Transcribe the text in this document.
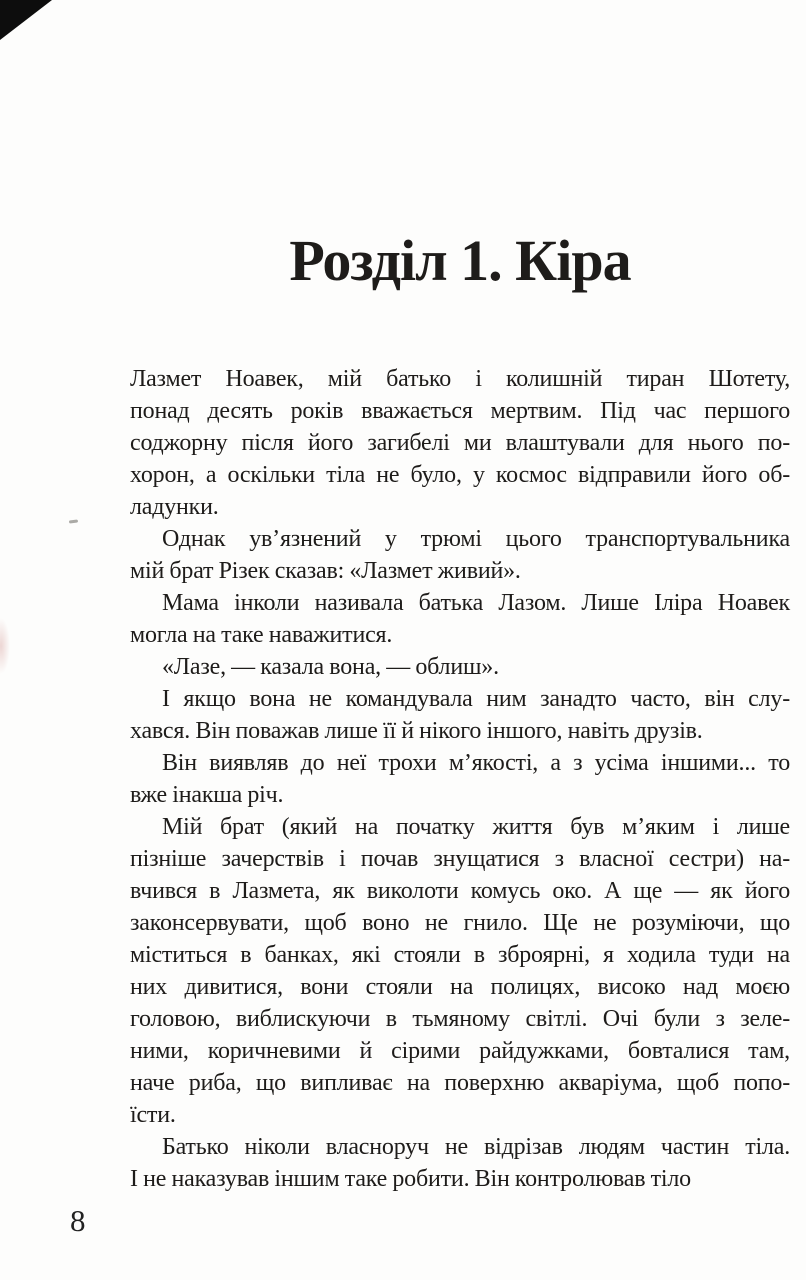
Розділ 1. Кіра
Лазмет Ноавек, мій батько і колишній тиран Шотету,
понад десять років вважається мертвим. Під час першого
соджорну після його загибелі ми влаштували для нього по-
хорон, а оскільки тіла не було, у космос відправили його об-
ладунки.
Однак ув’язнений у трюмі цього транспортувальника
мій брат Різек сказав: «Лазмет живий».
Мама інколи називала батька Лазом. Лише Іліра Ноавек
могла на таке наважитися.
«Лазе, — казала вона, — облиш».
І якщо вона не командувала ним занадто часто, він слу-
хався. Він поважав лише її й нікого іншого, навіть друзів.
Він виявляв до неї трохи м’якості, а з усіма іншими... то
вже інакша річ.
Мій брат (який на початку життя був м’яким і лише
пізніше зачерствів і почав знущатися з власної сестри) на-
вчився в Лазмета, як виколоти комусь око. А ще — як його
законсервувати, щоб воно не гнило. Ще не розуміючи, що
міститься в банках, які стояли в зброярні, я ходила туди на
них дивитися, вони стояли на полицях, високо над моєю
головою, виблискуючи в тьмяному світлі. Очі були з зеле-
ними, коричневими й сірими райдужками, бовталися там,
наче риба, що випливає на поверхню акваріума, щоб попо-
їсти.
Батько ніколи власноруч не відрізав людям частин тіла.
І не наказував іншим таке робити. Він контролював тіло
8
